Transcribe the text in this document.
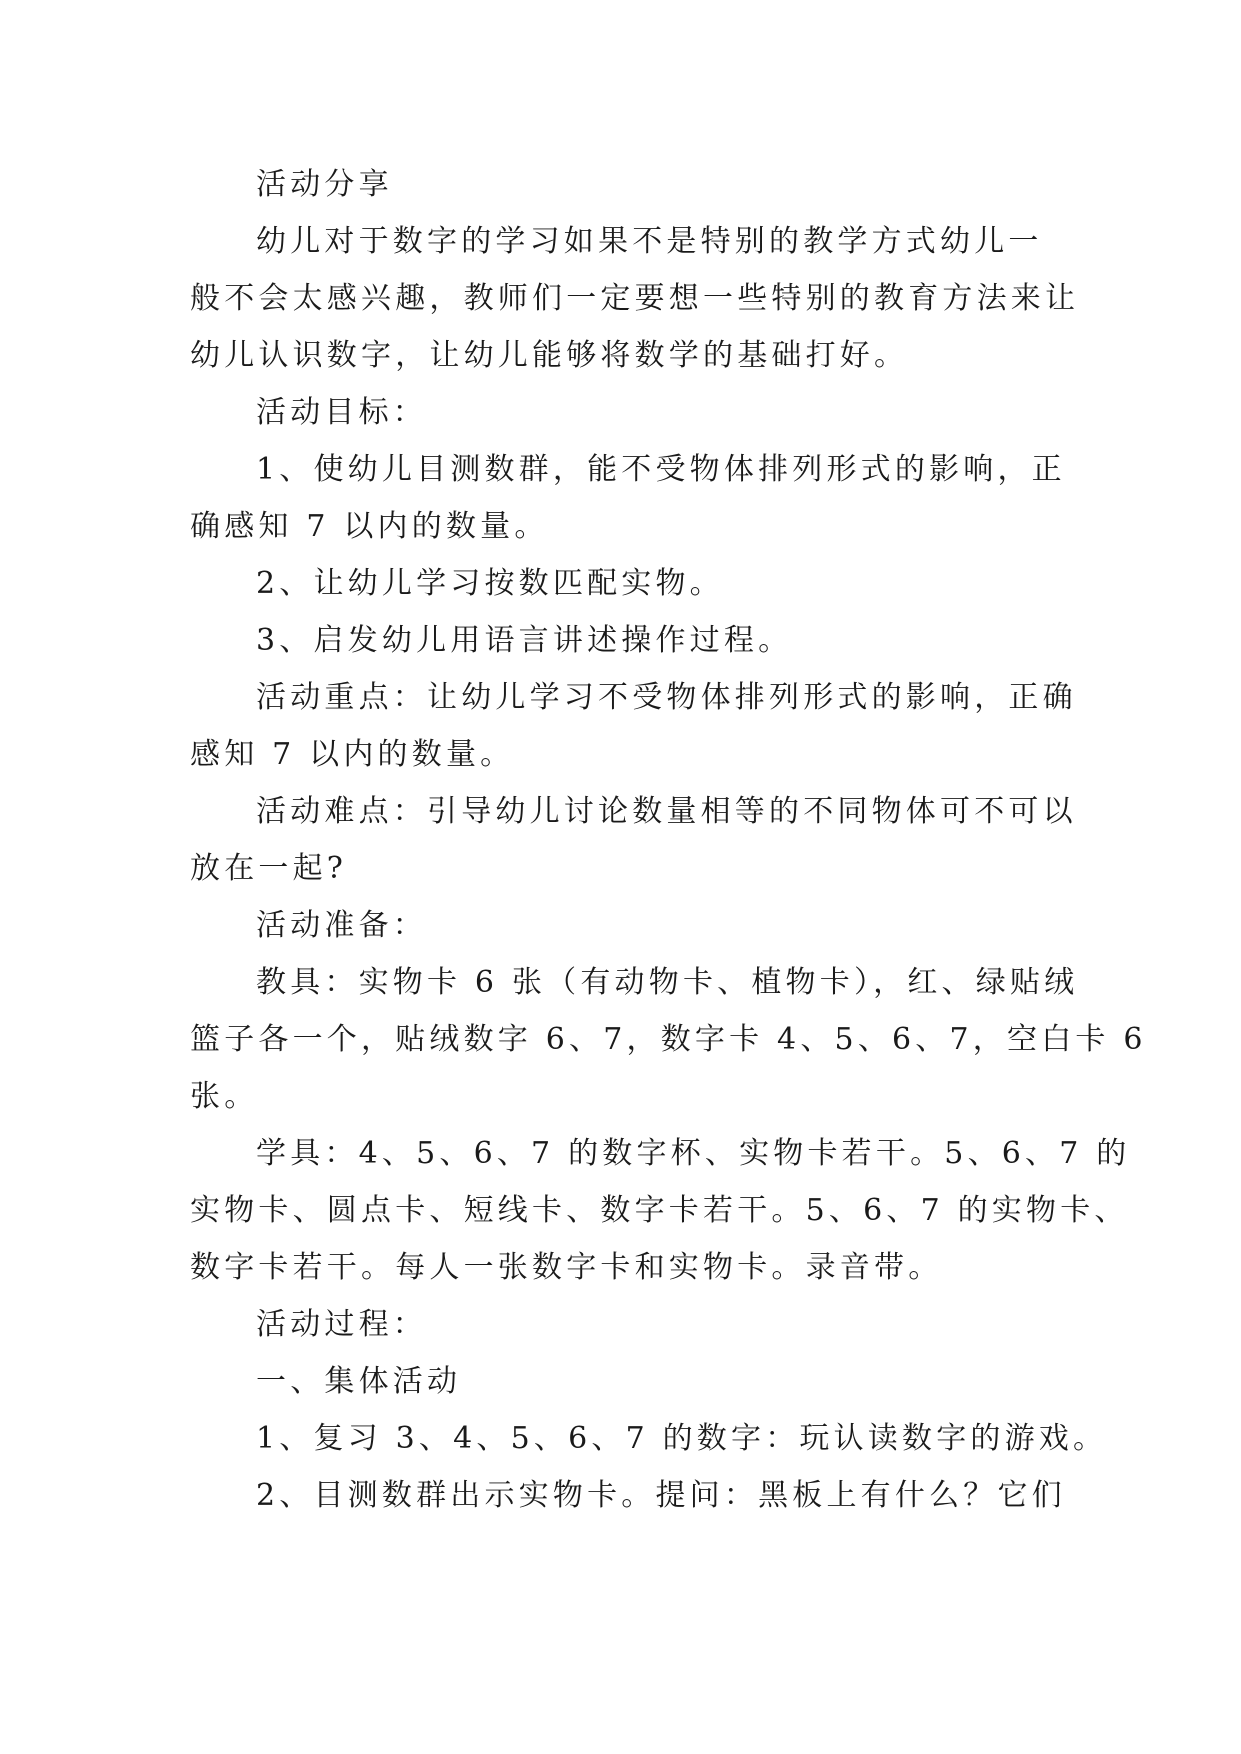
活动分享
幼儿对于数字的学习如果不是特别的教学方式幼儿一
般不会太感兴趣，教师们一定要想一些特别的教育方法来让
幼儿认识数字，让幼儿能够将数学的基础打好。
活动目标：
1、使幼儿目测数群，能不受物体排列形式的影响，正
确感知 7 以内的数量。
2、让幼儿学习按数匹配实物。
3、启发幼儿用语言讲述操作过程。
活动重点：让幼儿学习不受物体排列形式的影响，正确
感知 7 以内的数量。
活动难点：引导幼儿讨论数量相等的不同物体可不可以
放在一起?
活动准备：
教具：实物卡 6 张（有动物卡、植物卡），红、绿贴绒
篮子各一个，贴绒数字 6、7，数字卡 4、5、6、7，空白卡 6
张。
学具：4、5、6、7 的数字杯、实物卡若干。5、6、7 的
实物卡、圆点卡、短线卡、数字卡若干。5、6、7 的实物卡、
数字卡若干。每人一张数字卡和实物卡。录音带。
活动过程：
一、集体活动
1、复习 3、4、5、6、7 的数字：玩认读数字的游戏。
2、目测数群出示实物卡。提问：黑板上有什么？它们
